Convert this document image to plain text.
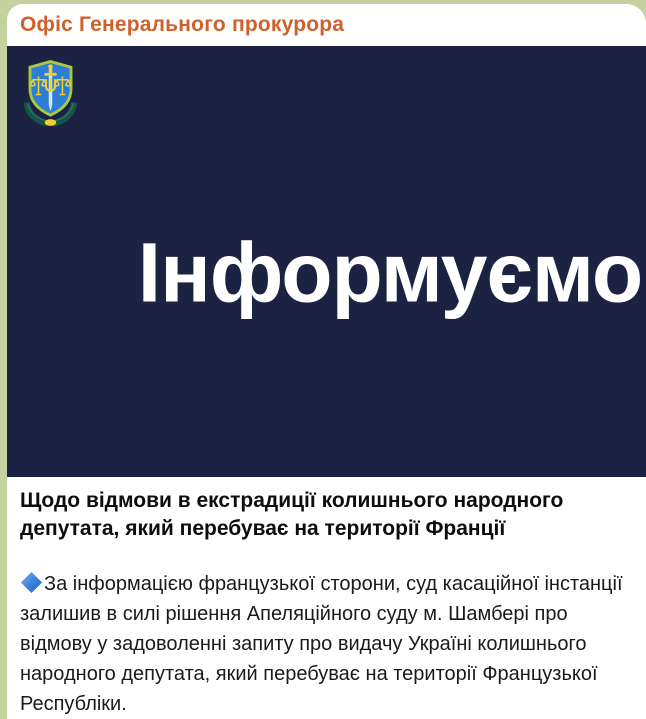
Офіс Генерального прокурора
Інформуємо
Щодо відмови в екстрадиції колишнього народного депутата, який перебуває на території Франції

За інформацією французької сторони, суд касаційної інстанції залишив в силі рішення Апеляційного суду м. Шамбері про відмову у задоволенні запиту про видачу Україні колишнього народного депутата, який перебуває на території Французької Республіки.
